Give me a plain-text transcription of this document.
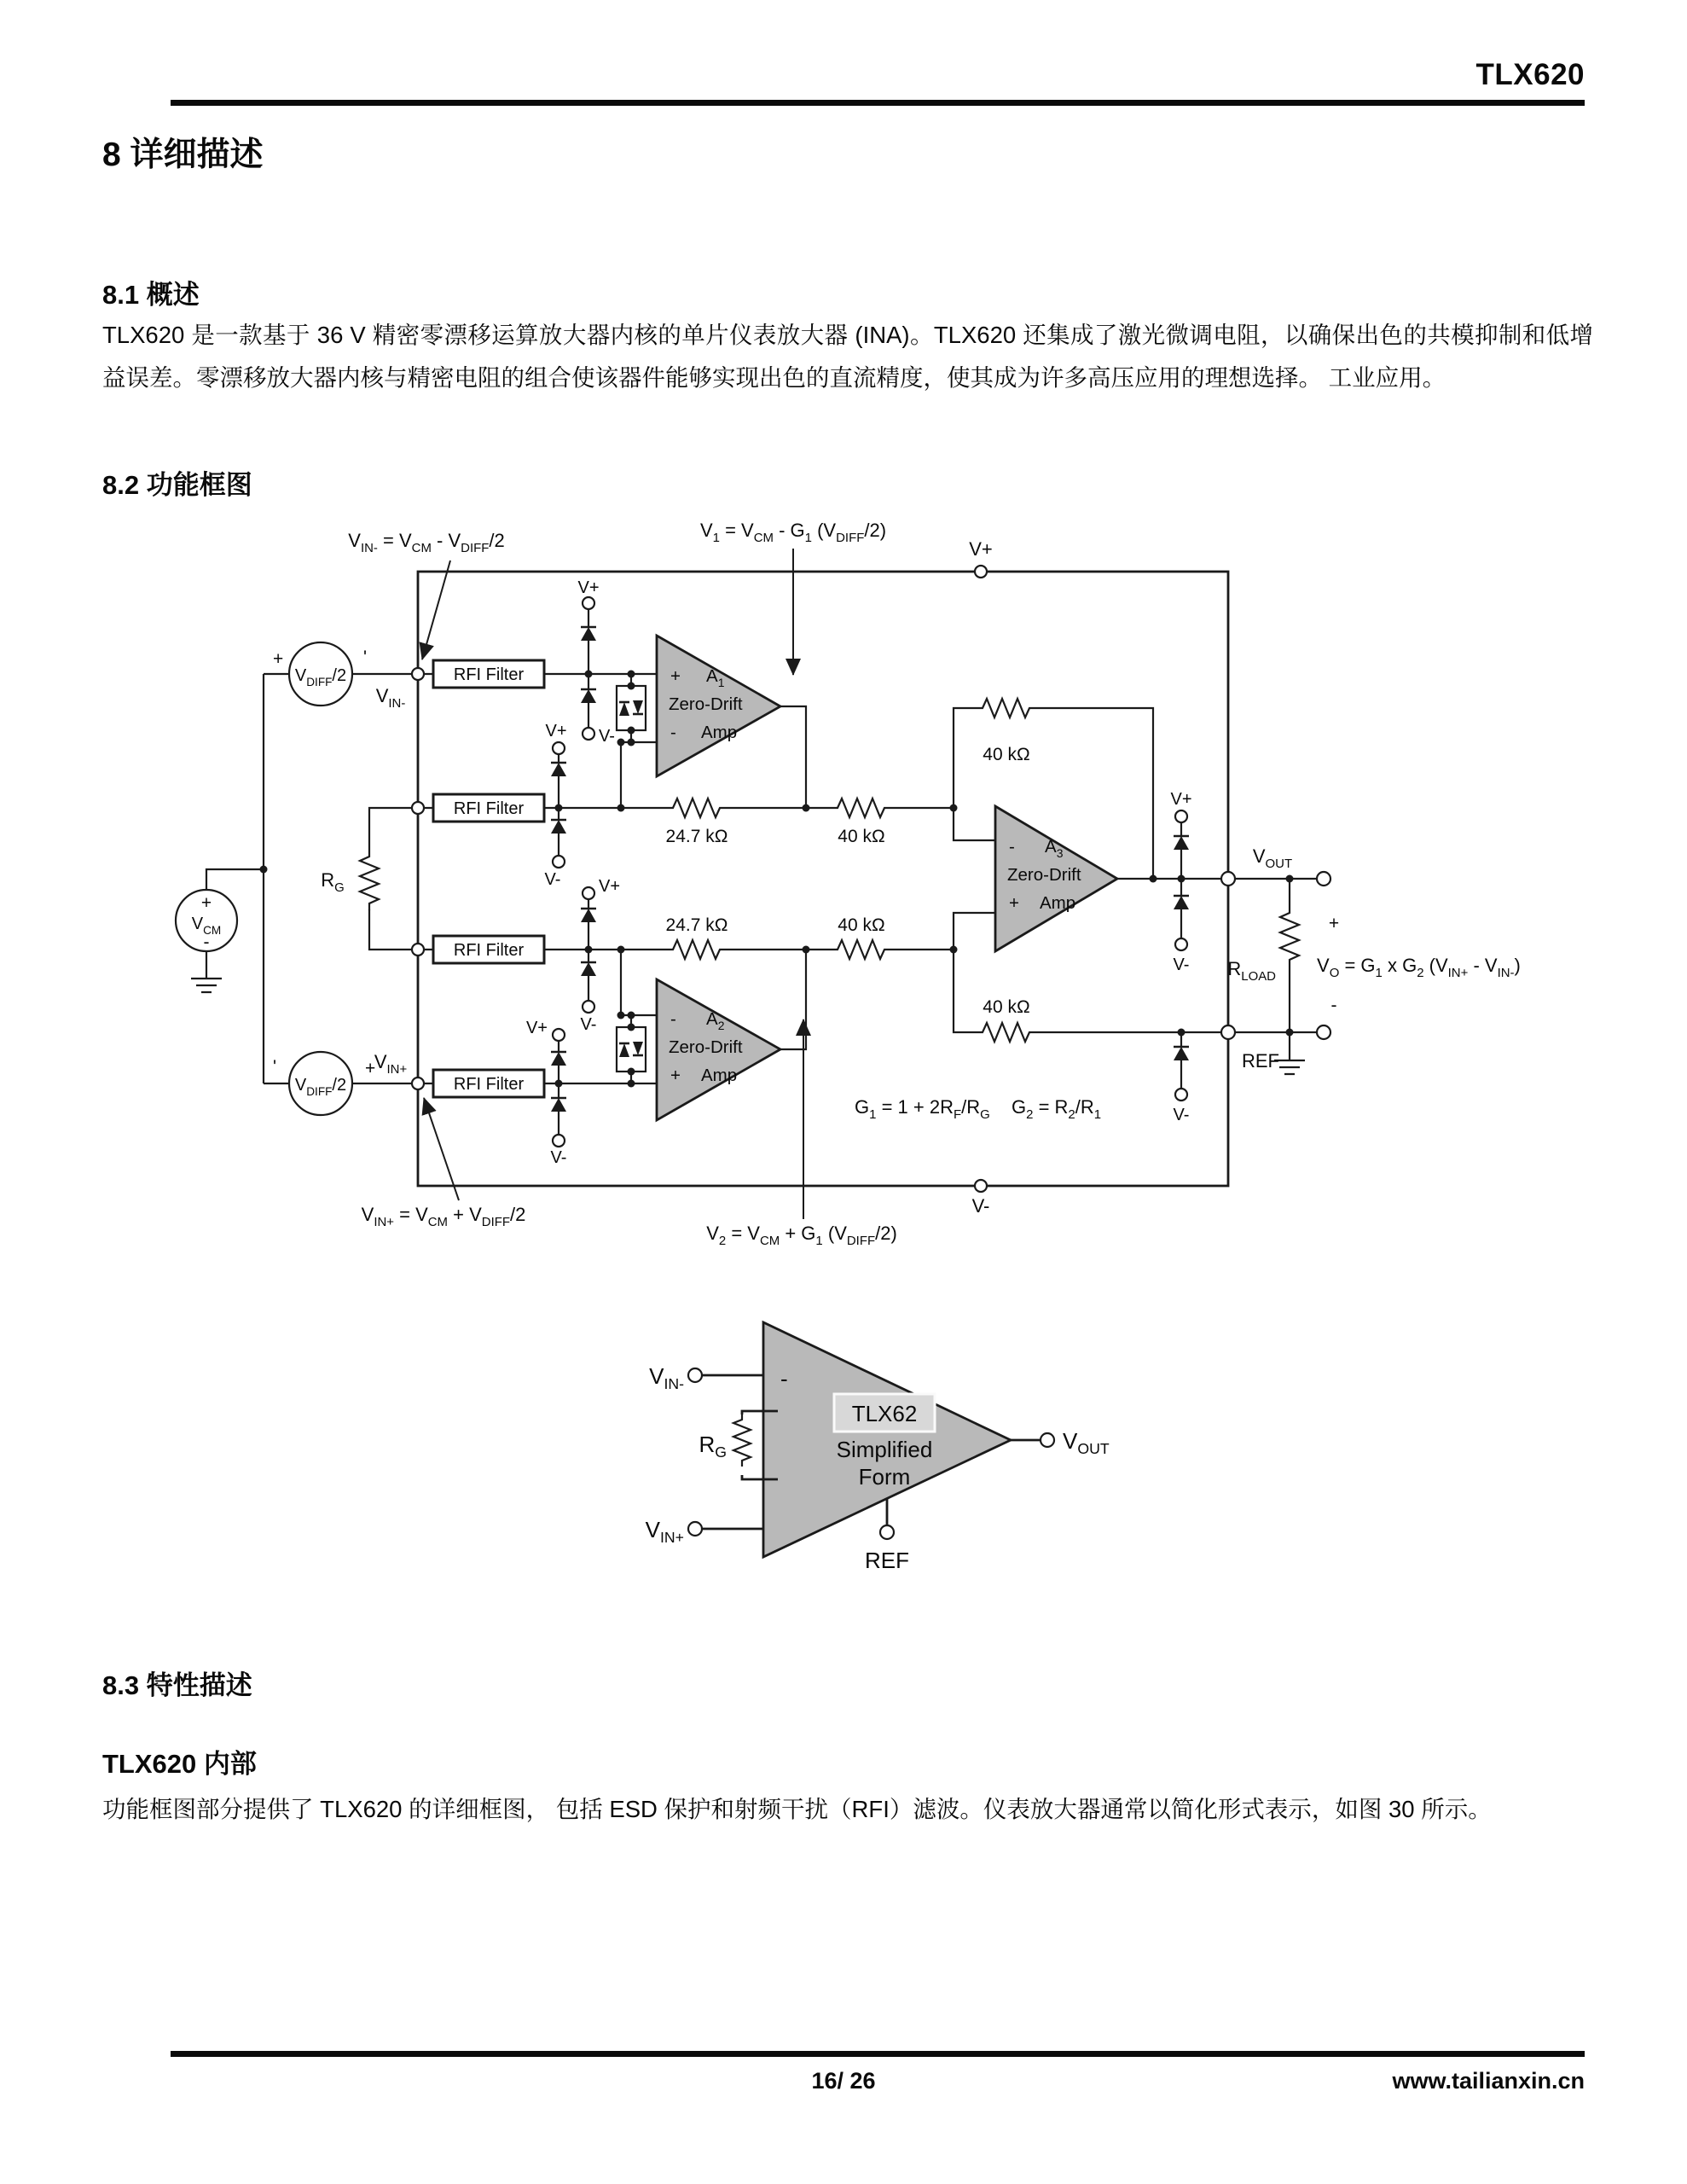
TLX620
8 详细描述
8.1 概述
TLX620 是一款基于 36 V 精密零漂移运算放大器内核的单片仪表放大器 (INA)。TLX620 还集成了激光微调电阻，以确保出色的共模抑制和低增益误差。零漂移放大器内核与精密电阻的组合使该器件能够实现出色的直流精度，使其成为许多高压应用的理想选择。 工业应用。
8.2 功能框图
RFI Filter
RFI Filter
RFI Filter
RFI Filter
+ $A_1$
Zero-Drift
- Amp
- $A_2$
Zero-Drift
+ Amp
- $A_3$
Zero-Drift
+ Amp
$V_{DIFF}/2$
+	'
$V_{DIFF}/2$
'	+
+
$V_{CM}$
-
$V_{IN-} = V_{CM} - V_{DIFF}/2$	$V_1 = V_{CM} - G_1$ $(V_{DIFF}/2)$
V+
V-
$V_{IN-}$
$V_{IN+}$
$V_{IN+} = V_{CM} + V_{DIFF}/2$
$V_2 = V_{CM} + G_1$ $(V_{DIFF}/2)$
$R_G$
V+
V-
V+
V- V+
V-
V+
V-
24.7 kΩ	40 kΩ
24.7 kΩ	40 kΩ
40 kΩ
40 kΩ
V+
V-
V-
$V_{OUT}$
$R_{LOAD}$
REF
+
$V_O = G_1$ x $G_2$ $(V_{IN+} - V_{IN-})$
-
$G_1 = 1 + 2R_F/R_G$ $G_2 = R_2/R_1$
-
TLX62
Simplified
Form
$V_{IN-}$
$V_{IN+}$
$R_G$	$V_{OUT}$
REF
8.3 特性描述
TLX620 内部
功能框图部分提供了 TLX620 的详细框图， 包括 ESD 保护和射频干扰（RFI）滤波。仪表放大器通常以简化形式表示，如图 30 所示。
16/ 26	www.tailianxin.cn
